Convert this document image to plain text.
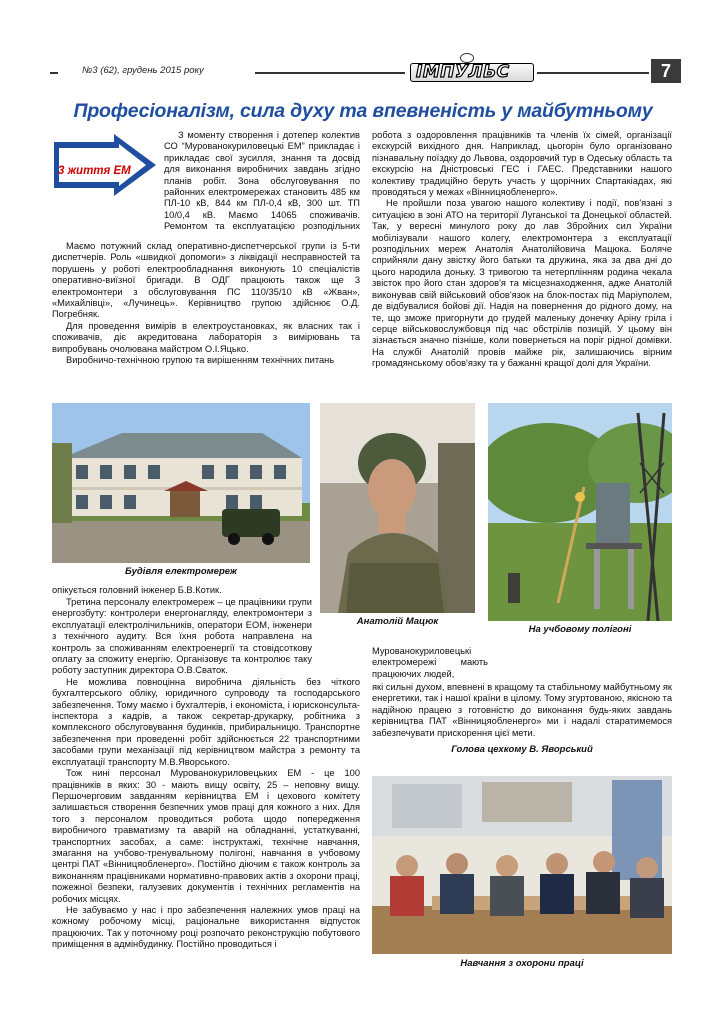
№3 (62), грудень 2015 року	ІМПУЛЬС	7
Професіоналізм, сила духу та впевненість у майбутньому
3 життя ЕМ

З моменту створення і дотепер колектив СО “Мурованокуриловецькі ЕМ” прикладає і прикладає свої зусилля, знання та досвід для виконання виробничих завдань згідно планів робіт. Зона обслуговування по районних електромережах становить 485 км ПЛ-10 кВ, 844 км ПЛ-0,4 кВ, 300 шт. ТП 10/0,4 кВ. Маємо 14065 споживачів. Ремонтом та експлуатацією розподільних

Маємо потужний склад оперативно-диспетчерської групи із 5-ти диспетчерів. Роль «швидкої допомоги» з ліквідації несправностей та порушень у роботі електрообладнання виконують 10 спеціалістів оперативно-виїзної бригади. В ОДГ працюють також ще 3 електромонтери з обслуговування ПС 110/35/10 кВ «Жван», «Михайлівці», «Лучинець». Керівництво групою здійснює О.Д. Погребняк.

Для проведення вимірів в електроустановках, як власних так і споживачів, діє акредитована лабораторія з вимірювань та випробувань очолювана майстром О.І.Яцько.

Виробничо-технічною групою та вирішенням технічних питань

робота з оздоровлення працівників та членів їх сімей, організації екскурсій вихідного дня. Наприклад, цьогорін було організовано пізнавальну поїздку до Львова, оздоровчий тур в Одеську область та екскурсію на Дністровські ГЕС і ГАЕС. Представники нашого колективу традиційно беруть участь у щорічних Спартакіадах, які проводяться у межах «Вінницяобленерго».

Не пройшли поза увагою нашого колективу і події, пов'язані з ситуацією в зоні АТО на території Луганської та Донецької областей. Так, у вересні минулого року до лав Збройних сил України мобілізували нашого колегу, електромонтера з експлуатації розподільних мереж Анатолія Анатолійовича Мацюка. Боляче сприйняли дану звістку його батьки та дружина, яка за два дні до цього народила доньку. З тривогою та нетерплінням родина чекала звісток про його стан здоров'я та місцезнаходження, адже Анатолій виконував свій військовий обов'язок на блок-постах під Маріуполем, де відбувалися бойові дії. Надія на повернення до рідного дому, на те, що зможе пригорнути до грудей маленьку донечку Аріну гріла і серце військовослужбовця під час обстрілів позицій. У цьому він зізнається значно пізніше, коли повернеться на поріг рідної домівки. На службі Анатолій провів майже рік, залишаючись вірним громадянському обов'язку та у бажанні кращої долі для України.

Будівля електромереж
Анатолій Мацюк
На учбовому полігоні

опікується головний інженер Б.В.Котик.

Третина персоналу електромереж – це працівники групи енергозбуту: контролери енергонагляду, електромонтери з експлуатації електролічильників, оператори ЕОМ, інженери з технічного аудиту. Вся їхня робота направлена на контроль за споживанням електроенергії та стовідсоткову оплату за спожиту енергію. Організовує та контролює таку роботу заступник директора О.В.Сваток.

Не можлива повноцінна виробнича діяльність без чіткого бухгалтерського обліку, юридичного супроводу та господарського забезпечення. Тому маємо і бухгалтерів, і економіста, і юрисконсульта-інспектора з кадрів, а також секретар-друкарку, робітника з комплексного обслуговування будинків, прибиральницю. Транспортне забезпечення при проведенні робіт здійснюється 22 транспортними засобами групи механізації під керівництвом майстра з ремонту та експлуатації транспорту М.В.Яворського.

Тож нині персонал Мурованокуриловецьких ЕМ - це 100 працівників в яких: 30 - мають вищу освіту, 25 – неповну вищу. Першочерговим завданням керівництва ЕМ і цехового комітету залишається створення безпечних умов праці для кожного з них. Для того з персоналом проводиться робота щодо попередження виробничого травматизму та аварій на обладнанні, устаткуванні, транспортних засобах, а саме: інструктажі, технічне навчання, змагання на учбово-тренувальному полігоні, навчання в учбовому центрі ПАТ «Вінницяобленерго». Постійно діючим є також контроль за виконанням працівниками нормативно-правових актів з охорони праці, пожежної безпеки, галузевих документів і технічних регламентів на робочих місцях.

Не забуваємо у нас і про забезпечення належних умов праці на кожному робочому місці, раціональне використання відпусток працюючих. Так у поточному році розпочато реконструкцію побутового приміщення в адмінбудинку. Постійно проводиться і

Мурованокуриловецькі електромережі мають працюючих людей,

які сильні духом, впевнені в кращому та стабільному майбутньому як енергетики, так і нашої країни в цілому. Тому згуртованою, якісною та надійною працею з готовністю до виконання будь-яких завдань керівництва ПАТ «Вінницяобленерго» ми і надалі старатимемося забезпечувати прискорення цієї мети.

Голова цехкому В. Яворський
Навчання з охорони праці
